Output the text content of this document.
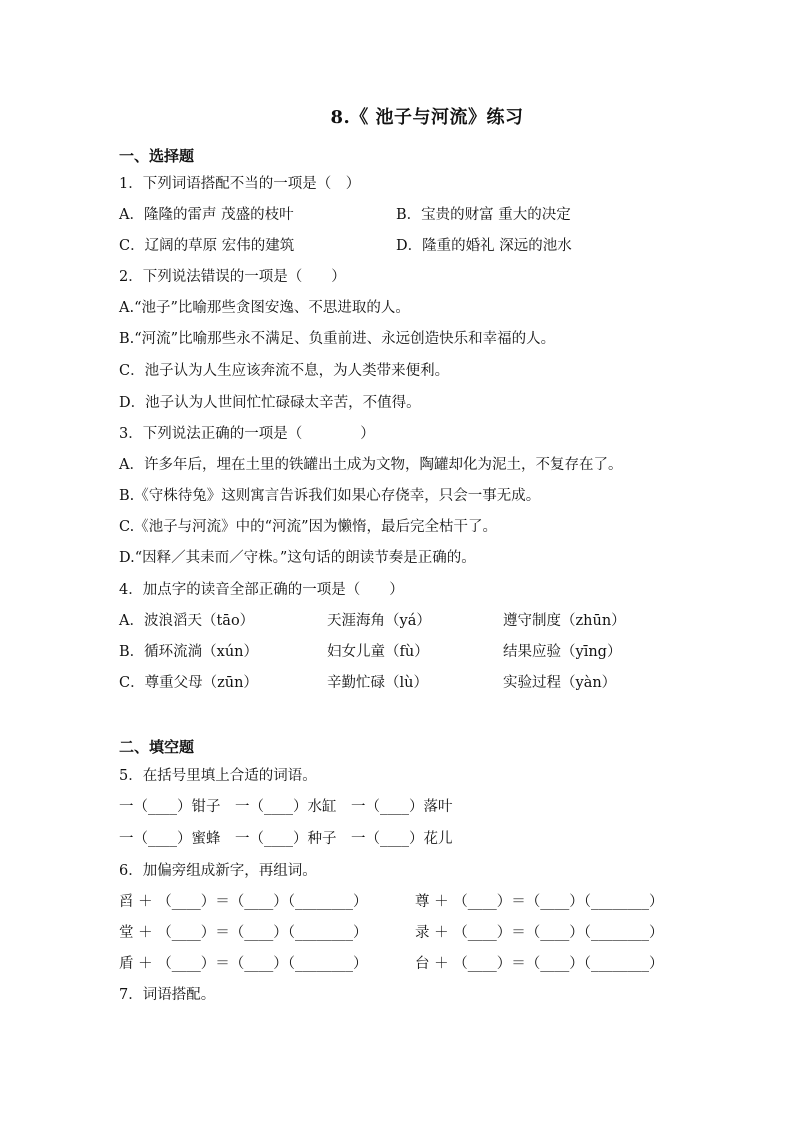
8.《 池子与河流》练习
一、选择题
1．下列词语搭配不当的一项是（　）
A．隆隆的雷声 茂盛的枝叶	B．宝贵的财富 重大的决定
C．辽阔的草原 宏伟的建筑	D．隆重的婚礼 深远的池水
2．下列说法错误的一项是（　　）
A.“池子”比喻那些贪图安逸、不思进取的人。
B.“河流”比喻那些永不满足、负重前进、永远创造快乐和幸福的人。
C．池子认为人生应该奔流不息，为人类带来便利。
D．池子认为人世间忙忙碌碌太辛苦，不值得。
3．下列说法正确的一项是（　　　　）
A．许多年后，埋在土里的铁罐出土成为文物，陶罐却化为泥土，不复存在了。
B.《守株待兔》这则寓言告诉我们如果心存侥幸，只会一事无成。
C.《池子与河流》中的“河流”因为懒惰，最后完全枯干了。
D.“因释／其耒而／守株。”这句话的朗读节奏是正确的。
4．加点字的读音全部正确的一项是（　　）
A．波浪滔天（tāo）	天涯海角（yá）	遵守制度（zhūn）
B．循环流淌（xún）	妇女儿童（fù）	结果应验（yīng）
C．尊重父母（zūn）	辛勤忙碌（lù）	实验过程（yàn）
二、填空题
5．在括号里填上合适的词语。
一（____）钳子　一（____）水缸　一（____）落叶
一（____）蜜蜂　一（____）种子　一（____）花儿
6．加偏旁组成新字，再组词。
舀 ＋ （____）＝（____）（________）	尊 ＋ （____）＝（____）（________）
堂 ＋ （____）＝（____）（________）	录 ＋ （____）＝（____）（________）
盾 ＋ （____）＝（____）（________）	台 ＋ （____）＝（____）（________）
7．词语搭配。
